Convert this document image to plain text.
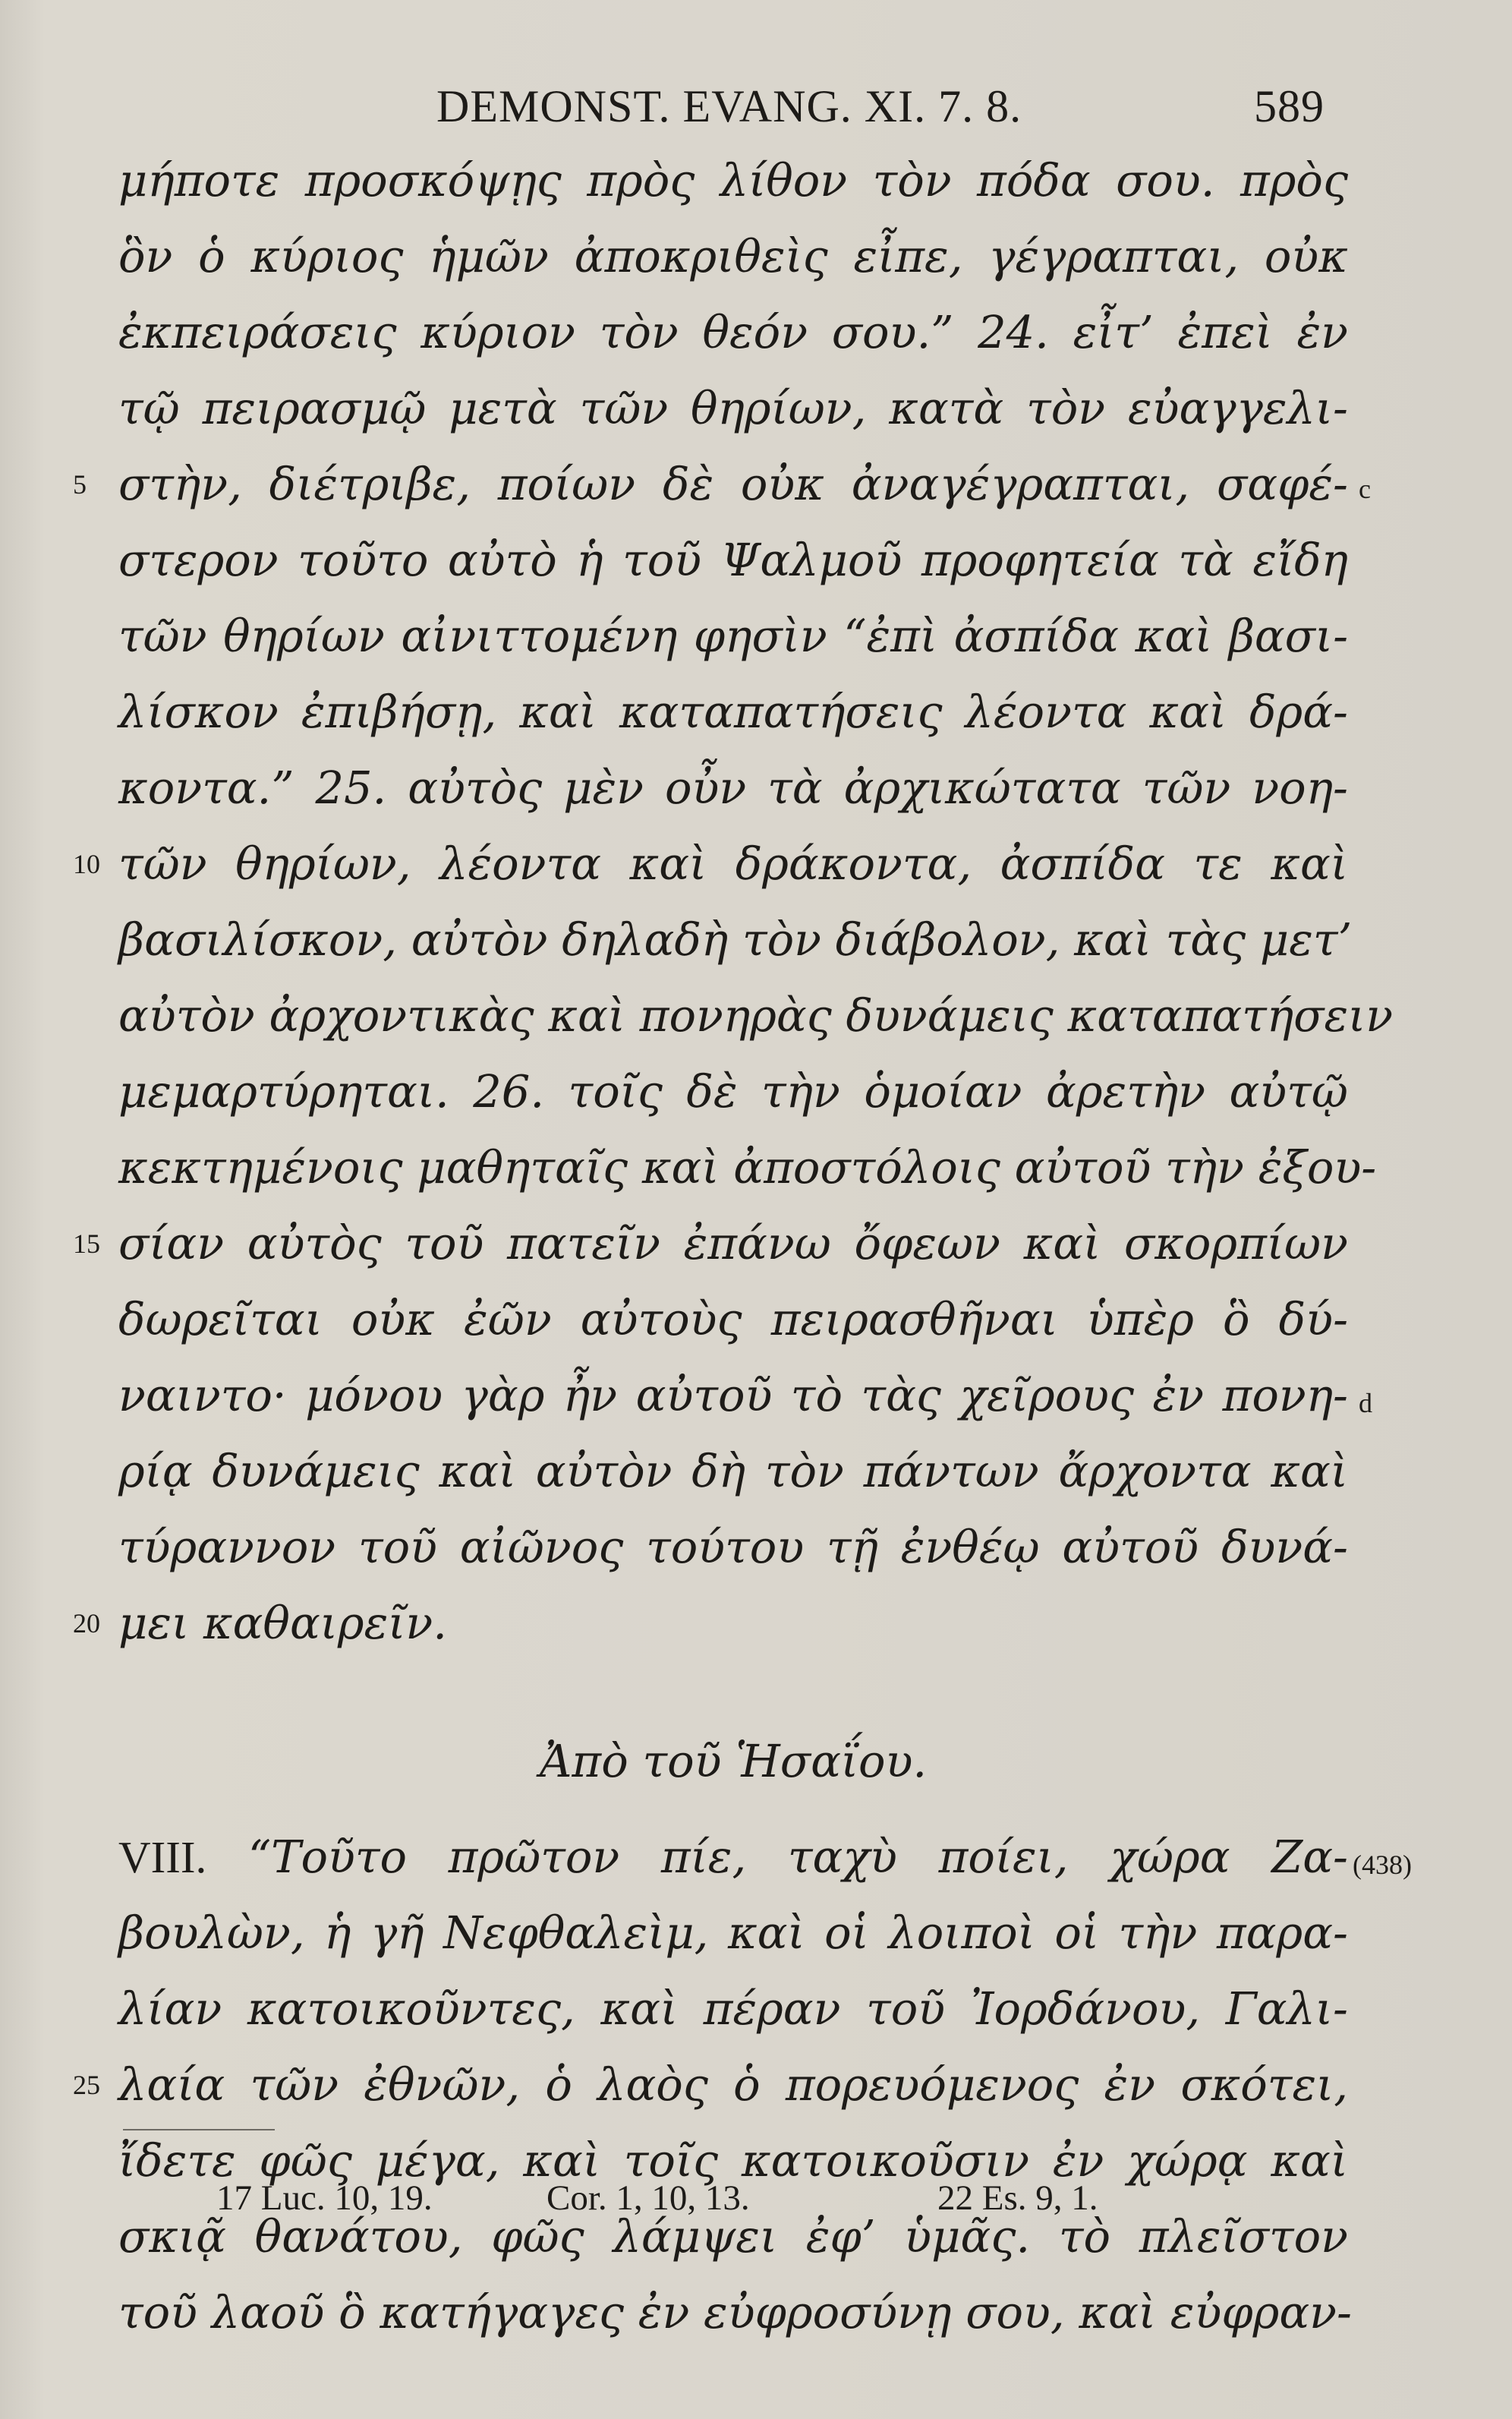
DEMONST. EVANG. XI. 7. 8.	589
μήποτε προσκόψῃς πρὸς λίθον τὸν πόδα σου. πρὸς
ὃν ὁ κύριος ἡμῶν ἀποκριθεὶς εἶπε, γέγραπται, οὐκ
ἐκπειράσεις κύριον τὸν θεόν σου.” 24. εἶτ’ ἐπεὶ ἐν
τῷ πειρασμῷ μετὰ τῶν θηρίων, κατὰ τὸν εὐαγγελι-
στὴν, διέτριβε, ποίων δὲ οὐκ ἀναγέγραπται, σαφέ-
στερον τοῦτο αὐτὸ ἡ τοῦ Ψαλμοῦ προφητεία τὰ εἴδη
τῶν θηρίων αἰνιττομένη φησὶν “ἐπὶ ἀσπίδα καὶ βασι-
λίσκον ἐπιβήσῃ, καὶ καταπατήσεις λέοντα καὶ δρά-
κοντα.” 25. αὐτὸς μὲν οὖν τὰ ἀρχικώτατα τῶν νοη-
τῶν θηρίων, λέοντα καὶ δράκοντα, ἀσπίδα τε καὶ
βασιλίσκον, αὐτὸν δηλαδὴ τὸν διάβολον, καὶ τὰς μετ’
αὐτὸν ἀρχοντικὰς καὶ πονηρὰς δυνάμεις καταπατήσειν
μεμαρτύρηται. 26. τοῖς δὲ τὴν ὁμοίαν ἀρετὴν αὐτῷ
κεκτημένοις μαθηταῖς καὶ ἀποστόλοις αὐτοῦ τὴν ἐξου-
σίαν αὐτὸς τοῦ πατεῖν ἐπάνω ὄφεων καὶ σκορπίων
δωρεῖται οὐκ ἐῶν αὐτοὺς πειρασθῆναι ὑπὲρ ὃ δύ-
ναιντο· μόνου γὰρ ἦν αὐτοῦ τὸ τὰς χεῖρους ἐν πονη-
ρίᾳ δυνάμεις καὶ αὐτὸν δὴ τὸν πάντων ἄρχοντα καὶ
τύραννον τοῦ αἰῶνος τούτου τῇ ἐνθέῳ αὐτοῦ δυνά-
μει καθαιρεῖν.
Ἀπὸ τοῦ Ἡσαΐου.
VIII. “Τοῦτο πρῶτον πίε, ταχὺ ποίει, χώρα Ζα-
βουλὼν, ἡ γῆ Νεφθαλεὶμ, καὶ οἱ λοιποὶ οἱ τὴν παρα-
λίαν κατοικοῦντες, καὶ πέραν τοῦ Ἰορδάνου, Γαλι-
λαία τῶν ἐθνῶν, ὁ λαὸς ὁ πορευόμενος ἐν σκότει,
ἴδετε φῶς μέγα, καὶ τοῖς κατοικοῦσιν ἐν χώρᾳ καὶ
σκιᾷ θανάτου, φῶς λάμψει ἐφ’ ὑμᾶς. τὸ πλεῖστον
τοῦ λαοῦ ὃ κατήγαγες ἐν εὐφροσύνῃ σου, καὶ εὐφραν-
5
10
15
20
25
c
d
(438)
17 Luc. 10, 19.	Cor. 1, 10, 13.	22 Es. 9, 1.
